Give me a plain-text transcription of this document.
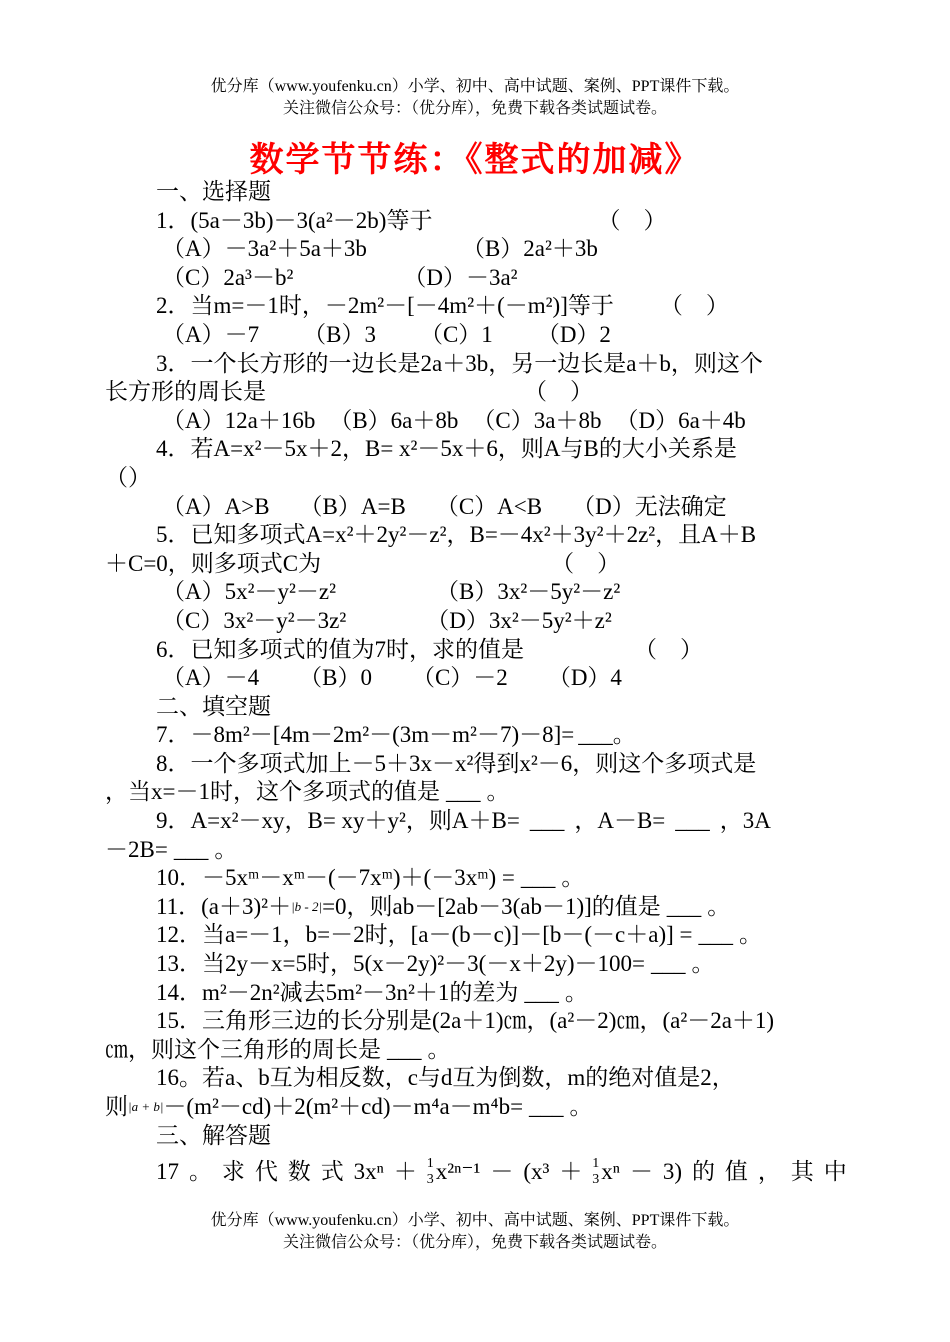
优分库（www.youfenku.cn）小学、初中、高中试题、案例、PPT课件下载。
关注微信公众号：（优分库），免费下载各类试题试卷。
数学节节练：《整式的加减》
一、选择题
1．(5a－3b)－3(a²－2b)等于	（　）
（A）－3a²＋5a＋3b	（B）2a²＋3b
（C）2a³－b²	（D）－3a²
2．当m=－1时，－2m²－[－4m²＋(－m²)]等于 （　）
（A）－7 （B）3 （C）1 （D）2
3．一个长方形的一边长是2a＋3b，另一边长是a＋b，则这个
长方形的周长是	（　）
（A）12a＋16b （B）6a＋8b （C）3a＋8b （D）6a＋4b
4．若A=x²－5x＋2，B= x²－5x＋6，则A与B的大小关系是
（）
（A）A>B （B）A=B （C）A<B （D）无法确定
5．已知多项式A=x²＋2y²－z²，B=－4x²＋3y²＋2z²，且A＋B
＋C=0，则多项式C为	（　）
（A）5x²－y²－z²	（B）3x²－5y²－z²
（C）3x²－y²－3z²	（D）3x²－5y²＋z²
6．已知多项式的值为7时，求的值是	（　）
（A）－4 （B）0 （C）－2 （D）4
二、填空题
7．－8m²－[4m－2m²－(3m－m²－7)－8]= ___ 。
8．一个多项式加上－5＋3x－x²得到x²－6，则这个多项式是
，当x=－1时，这个多项式的值是 ___ 。
9．A=x²－xy，B= xy＋y²，则A＋B= ___ ，A－B= ___ ，3A
－2B= ___ 。
10．－5xᵐ－xᵐ－(－7xᵐ)＋(－3xᵐ) = ___ 。
11．(a＋3)²＋ |b - 2| =0，则ab－[2ab－3(ab－1)]的值是 ___ 。
12．当a=－1，b=－2时，[a－(b－c)]－[b－(－c＋a)] = ___ 。
13．当2y－x=5时，5(x－2y)²－3(－x＋2y)－100= ___ 。
14．m²－2n²减去5m²－3n²＋1的差为 ___ 。
15．三角形三边的长分别是(2a＋1)㎝，(a²－2)㎝，(a²－2a＋1)
㎝，则这个三角形的周长是 ___ 。
16。若a、b互为相反数，c与d互为倒数，m的绝对值是2，
则 |a + b| －(m²－cd)＋2(m²＋cd)－m⁴a－m⁴b= ___ 。
三、解答题
17 。 求 代 数 式 3xⁿ ＋ 1
3 x²ⁿ⁻¹ － (x³ ＋ 1
3 xⁿ － 3) 的 值 ， 其 中
优分库（www.youfenku.cn）小学、初中、高中试题、案例、PPT课件下载。
关注微信公众号：（优分库），免费下载各类试题试卷。
